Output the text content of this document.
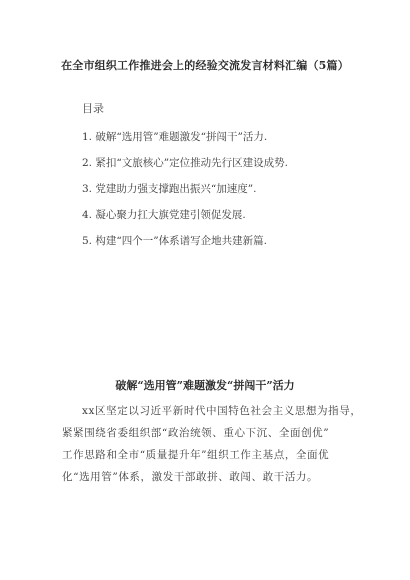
在全市组织工作推进会上的经验交流发言材料汇编（5篇）
目录
1. 破解“选用管”难题激发“拼闯干”活力.
2. 紧扣“文旅核心”定位推动先行区建设成势.
3. 党建助力强支撑跑出振兴“加速度”.
4. 凝心聚力扛大旗党建引领促发展.
5. 构建“四个一”体系谱写企地共建新篇.
破解“选用管”难题激发“拼闯干”活力
xx区坚定以习近平新时代中国特色社会主义思想为指导，
紧紧围绕省委组织部“政治统领、重心下沉、全面创优”
工作思路和全市“质量提升年”组织工作主基点，全面优
化“选用管”体系，激发干部敢拼、敢闯、敢干活力。
